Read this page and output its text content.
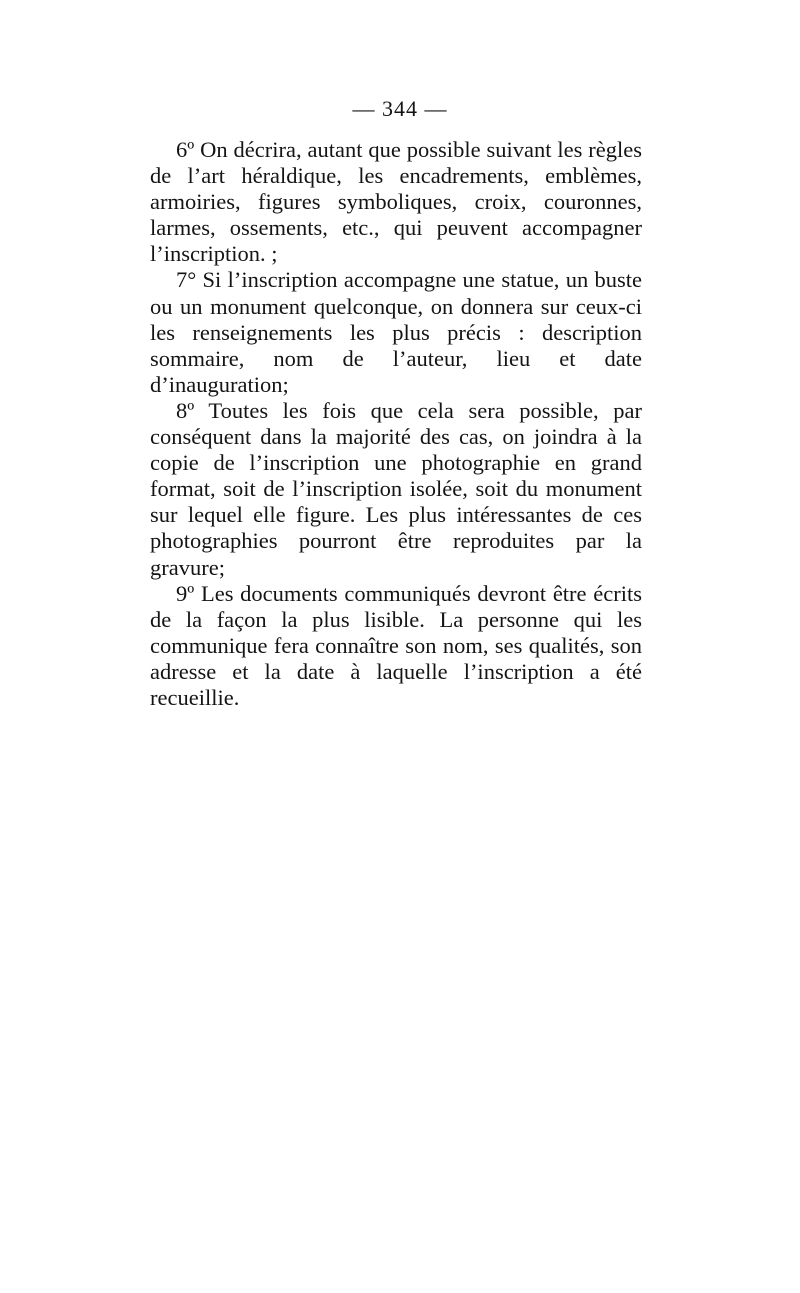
— 344 —

6º On décrira, autant que possible suivant les règles de l’art héraldique, les encadrements, emblèmes, armoiries, figures symboliques, croix, couronnes, larmes, ossements, etc., qui peuvent accompagner l’inscription. ;

7° Si l’inscription accompagne une statue, un buste ou un monument quelconque, on donnera sur ceux-ci les renseignements les plus précis : description sommaire, nom de l’auteur, lieu et date d’inauguration;

8º Toutes les fois que cela sera possible, par conséquent dans la majorité des cas, on joindra à la copie de l’inscription une photographie en grand format, soit de l’inscription isolée, soit du monument sur lequel elle figure. Les plus intéressantes de ces photographies pourront être reproduites par la gravure;

9º Les documents communiqués devront être écrits de la façon la plus lisible. La personne qui les communique fera connaître son nom, ses qualités, son adresse et la date à laquelle l’inscription a été recueillie.
